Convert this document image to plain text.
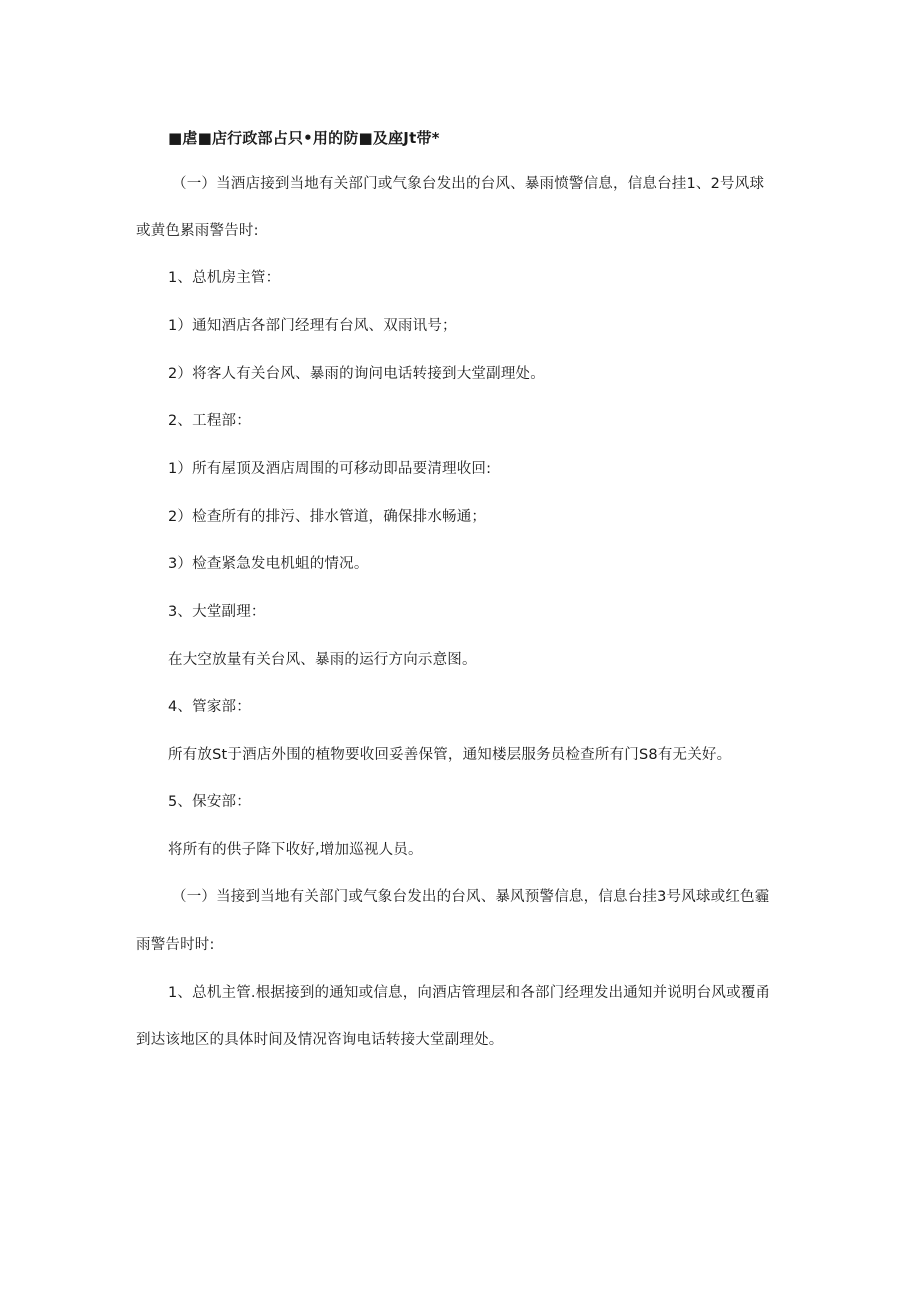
■虐■店行政部占只•用的防■及座Jt带*
（一）当酒店接到当地有关部门或气象台发出的台风、暴雨愤警信息，信息台挂1、2号风球
或黄色累雨警告时:
1、总机房主管：
1）通知酒店各部门经理有台风、双雨讯号；
2）将客人有关台风、暴雨的询问电话转接到大堂副理处。
2、工程部：
1）所有屋顶及酒店周围的可移动即品要清理收回:
2）检查所有的排污、排水管道，确保排水畅通；
3）检查紧急发电机蛆的情况。
3、大堂副理：
在大空放量有关台风、暴雨的运行方向示意图。
4、管家部：
所有放St于酒店外围的植物要收回妥善保管，通知楼层服务员检查所有门S8有无关好。
5、保安部：
将所有的供子降下收好,增加巡视人员。
（一）当接到当地有关部门或气象台发出的台风、暴风预警信息，信息台挂3号风球或红色霾
雨警告时时:
1、总机主管.根据接到的通知或信息，向酒店管理层和各部门经理发出通知并说明台风或覆甬
到达该地区的具体时间及情况咨询电话转接大堂副理处。
